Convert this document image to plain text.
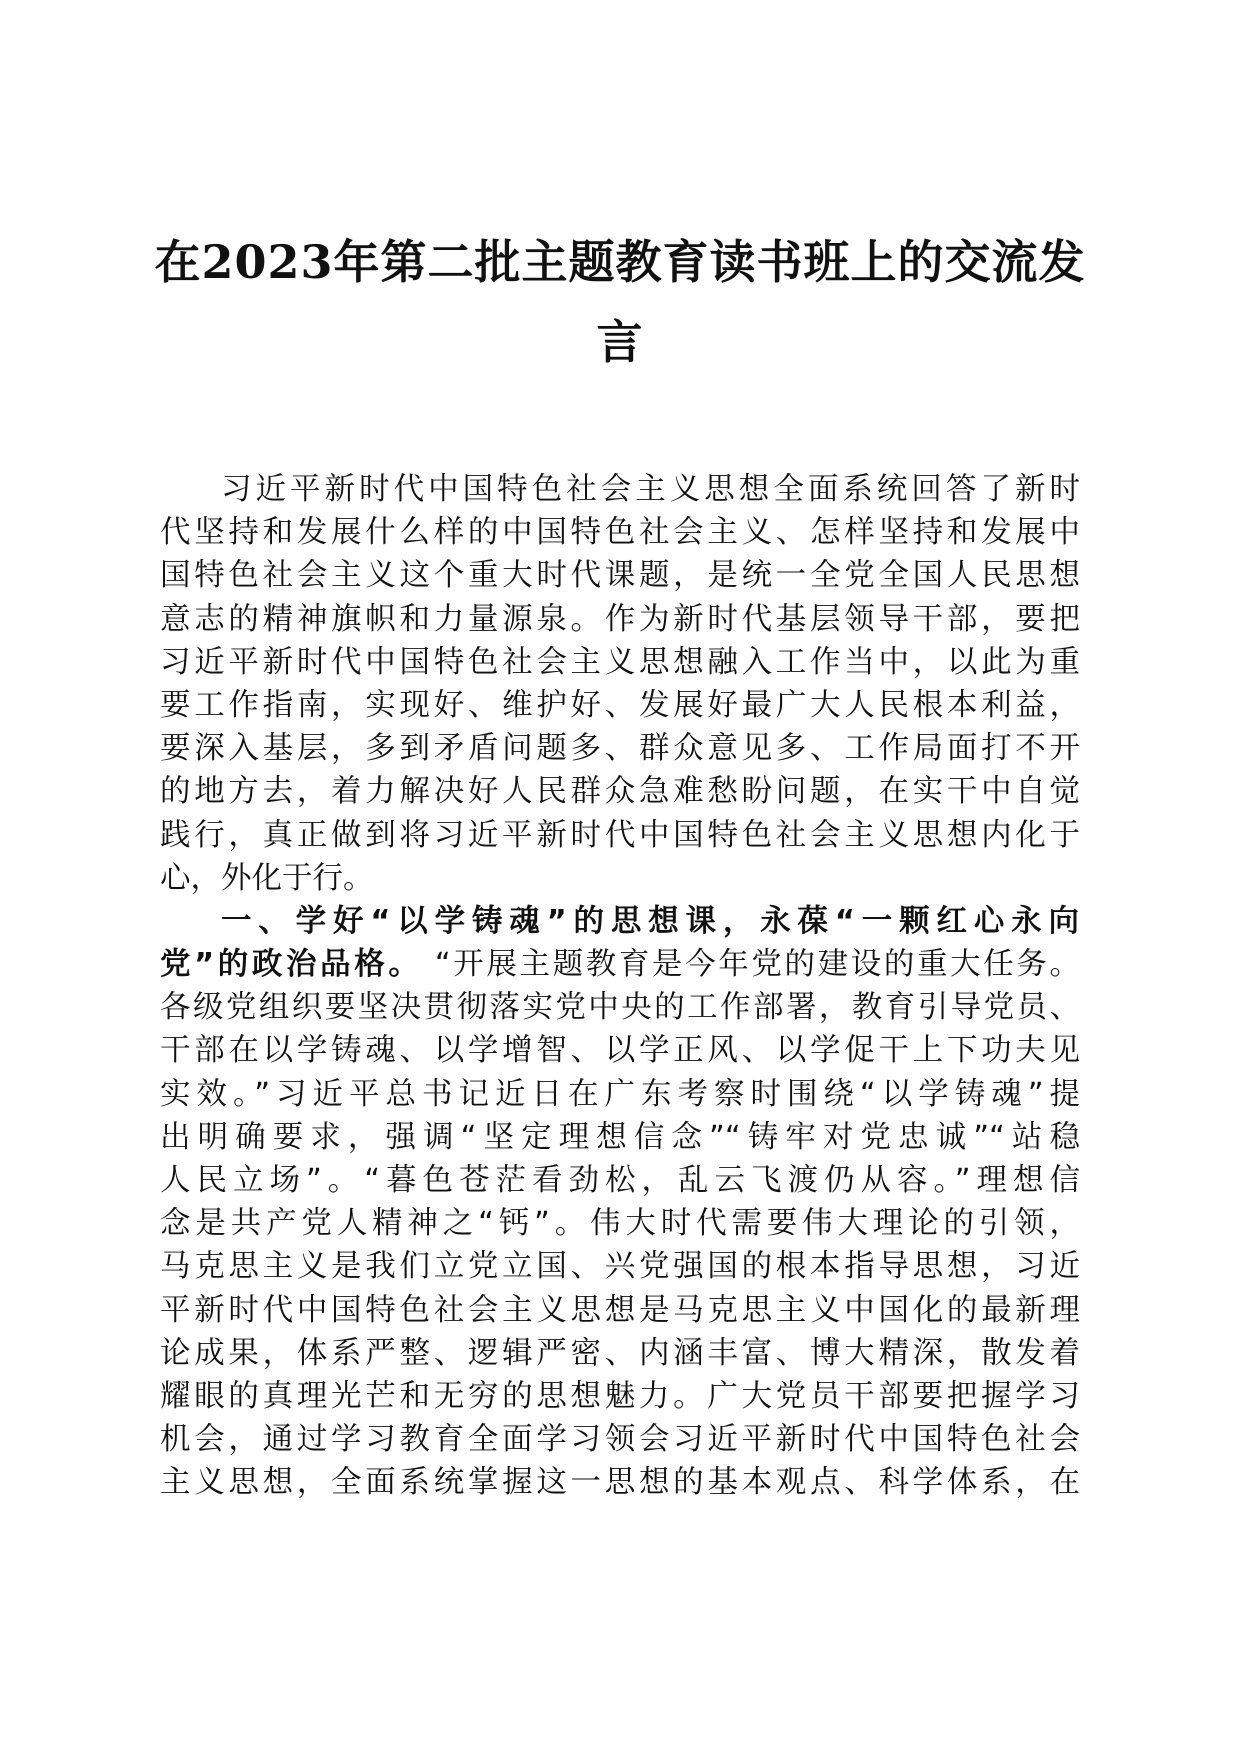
在2023年第二批主题教育读书班上的交流发
言
习近平新时代中国特色社会主义思想全面系统回答了新时
代坚持和发展什么样的中国特色社会主义、怎样坚持和发展中
国特色社会主义这个重大时代课题，是统一全党全国人民思想
意志的精神旗帜和力量源泉。作为新时代基层领导干部，要把
习近平新时代中国特色社会主义思想融入工作当中，以此为重
要工作指南，实现好、维护好、发展好最广大人民根本利益，
要深入基层，多到矛盾问题多、群众意见多、工作局面打不开
的地方去，着力解决好人民群众急难愁盼问题，在实干中自觉
践行，真正做到将习近平新时代中国特色社会主义思想内化于
心，外化于行。
一、学好“以学铸魂”的思想课，永葆“一颗红心永向
党”的政治品格。 “开展主题教育是今年党的建设的重大任务。
各级党组织要坚决贯彻落实党中央的工作部署，教育引导党员、
干部在以学铸魂、以学增智、以学正风、以学促干上下功夫见
实效。”习近平总书记近日在广东考察时围绕“以学铸魂”提
出明确要求，强调“坚定理想信念”“铸牢对党忠诚”“站稳
人民立场”。“暮色苍茫看劲松，乱云飞渡仍从容。”理想信
念是共产党人精神之“钙”。伟大时代需要伟大理论的引领，
马克思主义是我们立党立国、兴党强国的根本指导思想，习近
平新时代中国特色社会主义思想是马克思主义中国化的最新理
论成果，体系严整、逻辑严密、内涵丰富、博大精深，散发着
耀眼的真理光芒和无穷的思想魅力。广大党员干部要把握学习
机会，通过学习教育全面学习领会习近平新时代中国特色社会
主义思想，全面系统掌握这一思想的基本观点、科学体系，在
